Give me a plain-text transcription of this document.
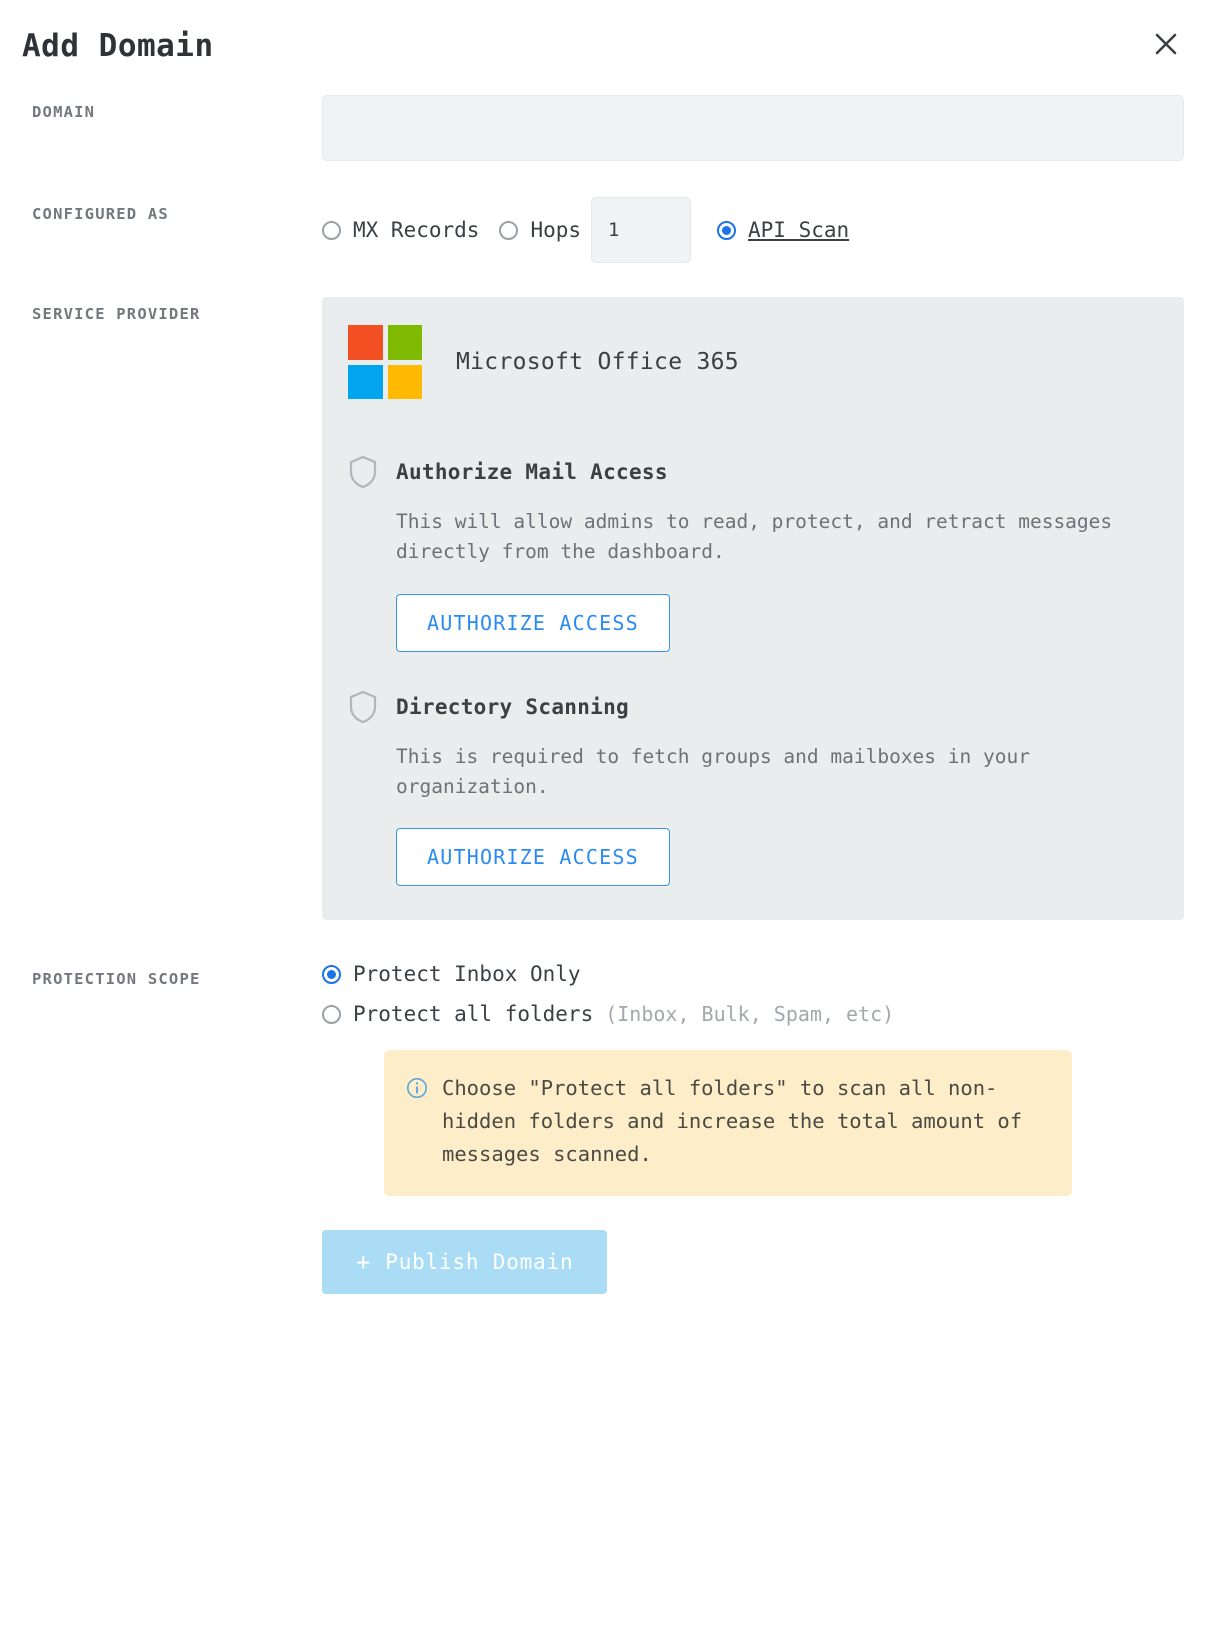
Add Domain
DOMAIN
CONFIGURED AS
MX Records Hops
1	API Scan
SERVICE PROVIDER
Microsoft Office 365
Authorize Mail Access
This will allow admins to read, protect, and retract messages directly from the dashboard.
AUTHORIZE ACCESS
Directory Scanning
This is required to fetch groups and mailboxes in your organization.
AUTHORIZE ACCESS
PROTECTION SCOPE	Protect Inbox Only
Protect all folders (Inbox, Bulk, Spam, etc)
Choose "Protect all folders" to scan all non-hidden folders and increase the total amount of messages scanned.
+ Publish Domain
